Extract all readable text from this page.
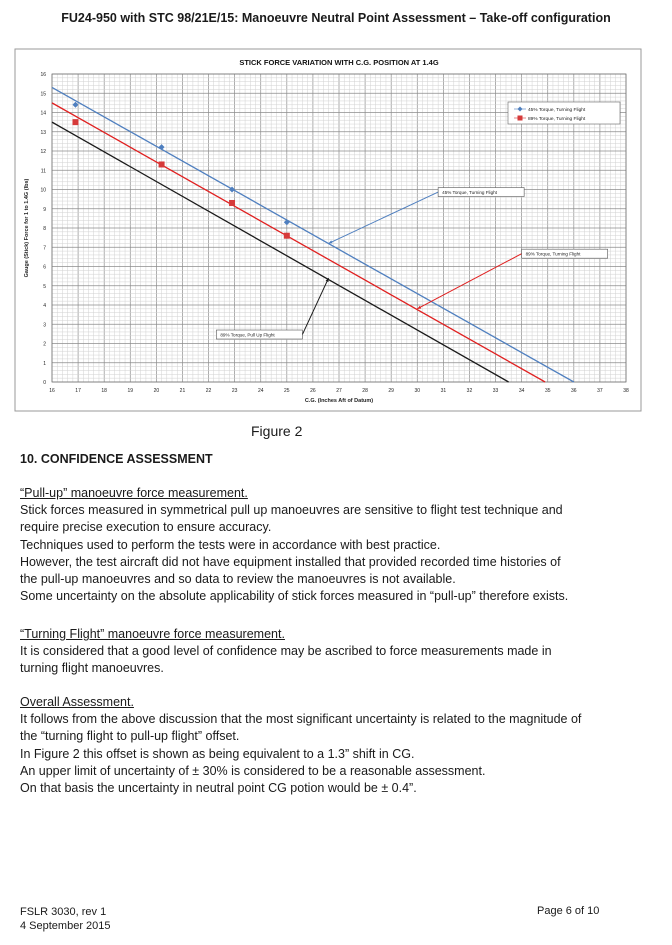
FU24-950 with STC 98/21E/15: Manoeuvre Neutral Point Assessment – Take-off configuration
STICK FORCE VARIATION WITH C.G. POSITION AT 1.4G
16	17	18	19	20	21	22	23	24	25	26	27	28	29	30	31	32	33	34	35	36	37	38
0
1
2
3
4
5
6
7
8
9
10
11
12
13
14
15
16
C.G. (Inches Aft of Datum)
Gauge (Stick) Force for 1 to 1.4G (lbs)	45% Torque, Turning Flight
89% Torque, Turning Flight
89% Torque, Pull Up Flight
45% Torque, Turning Flight
89% Torque, Turning Flight
Figure 2
10. CONFIDENCE ASSESSMENT

“Pull-up” manoeuvre force measurement.

Stick forces measured in symmetrical pull up manoeuvres are sensitive to flight test technique and

require precise execution to ensure accuracy.

Techniques used to perform the tests were in accordance with best practice.

However, the test aircraft did not have equipment installed that provided recorded time histories of

the pull-up manoeuvres and so data to review the manoeuvres is not available.

Some uncertainty on the absolute applicability of stick forces measured in “pull-up” therefore exists.

“Turning Flight” manoeuvre force measurement.

It is considered that a good level of confidence may be ascribed to force measurements made in

turning flight manoeuvres.

Overall Assessment.

It follows from the above discussion that the most significant uncertainty is related to the magnitude of

the “turning flight to pull-up flight” offset.

In Figure 2 this offset is shown as being equivalent to a 1.3” shift in CG.

An upper limit of uncertainty of ± 30% is considered to be a reasonable assessment.

On that basis the uncertainty in neutral point CG potion would be ± 0.4”.

FSLR 3030, rev 1
4 September 2015
Page 6 of 10
